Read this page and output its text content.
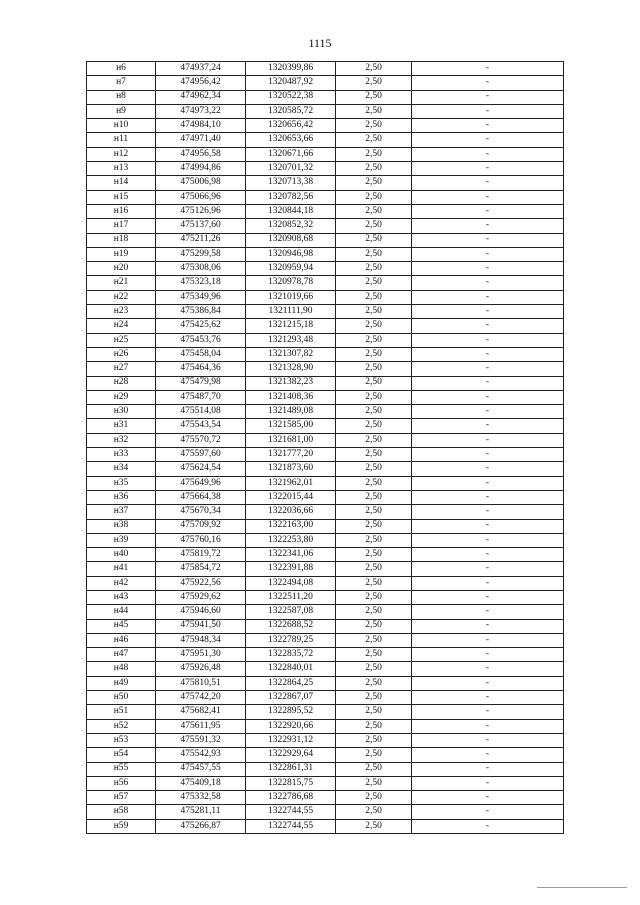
1115
н6	474937,24	1320399,86	2,50	-
н7	474956,42	1320487,92	2,50	-
н8	474962,34	1320522,38	2,50	-
н9	474973,22	1320585,72	2,50	-
н10	474984,10	1320656,42	2,50	-
н11	474971,40	1320653,66	2,50	-
н12	474956,58	1320671,66	2,50	-
н13	474994,86	1320701,32	2,50	-
н14	475006,98	1320713,38	2,50	-
н15	475066,96	1320782,56	2,50	-
н16	475126,96	1320844,18	2,50	-
н17	475137,60	1320852,32	2,50	-
н18	475211,26	1320908,68	2,50	-
н19	475299,58	1320946,98	2,50	-
н20	475308,06	1320959,94	2,50	-
н21	475323,18	1320978,78	2,50	-
н22	475349,96	1321019,66	2,50	-
н23	475386,84	1321111,90	2,50	-
н24	475425,62	1321215,18	2,50	-
н25	475453,76	1321293,48	2,50	-
н26	475458,04	1321307,82	2,50	-
н27	475464,36	1321328,90	2,50	-
н28	475479,98	1321382,23	2,50	-
н29	475487,70	1321408,36	2,50	-
н30	475514,08	1321489,08	2,50	-
н31	475543,54	1321585,00	2,50	-
н32	475570,72	1321681,00	2,50	-
н33	475597,60	1321777,20	2,50	-
н34	475624,54	1321873,60	2,50	-
н35	475649,96	1321962,01	2,50	-
н36	475664,38	1322015,44	2,50	-
н37	475670,34	1322036,66	2,50	-
н38	475709,92	1322163,00	2,50	-
н39	475760,16	1322253,80	2,50	-
н40	475819,72	1322341,06	2,50	-
н41	475854,72	1322391,88	2,50	-
н42	475922,56	1322494,08	2,50	-
н43	475929,62	1322511,20	2,50	-
н44	475946,60	1322587,08	2,50	-
н45	475941,50	1322688,52	2,50	-
н46	475948,34	1322789,25	2,50	-
н47	475951,30	1322835,72	2,50	-
н48	475926,48	1322840,01	2,50	-
н49	475810,51	1322864,25	2,50	-
н50	475742,20	1322867,07	2,50	-
н51	475682,41	1322895,52	2,50	-
н52	475611,95	1322920,66	2,50	-
н53	475591,32	1322931,12	2,50	-
н54	475542,93	1322929,64	2,50	-
н55	475457,55	1322861,31	2,50	-
н56	475409,18	1322815,75	2,50	-
н57	475332,58	1322786,68	2,50	-
н58	475281,11	1322744,55	2,50	-
н59	475266,87	1322744,55	2,50	-
